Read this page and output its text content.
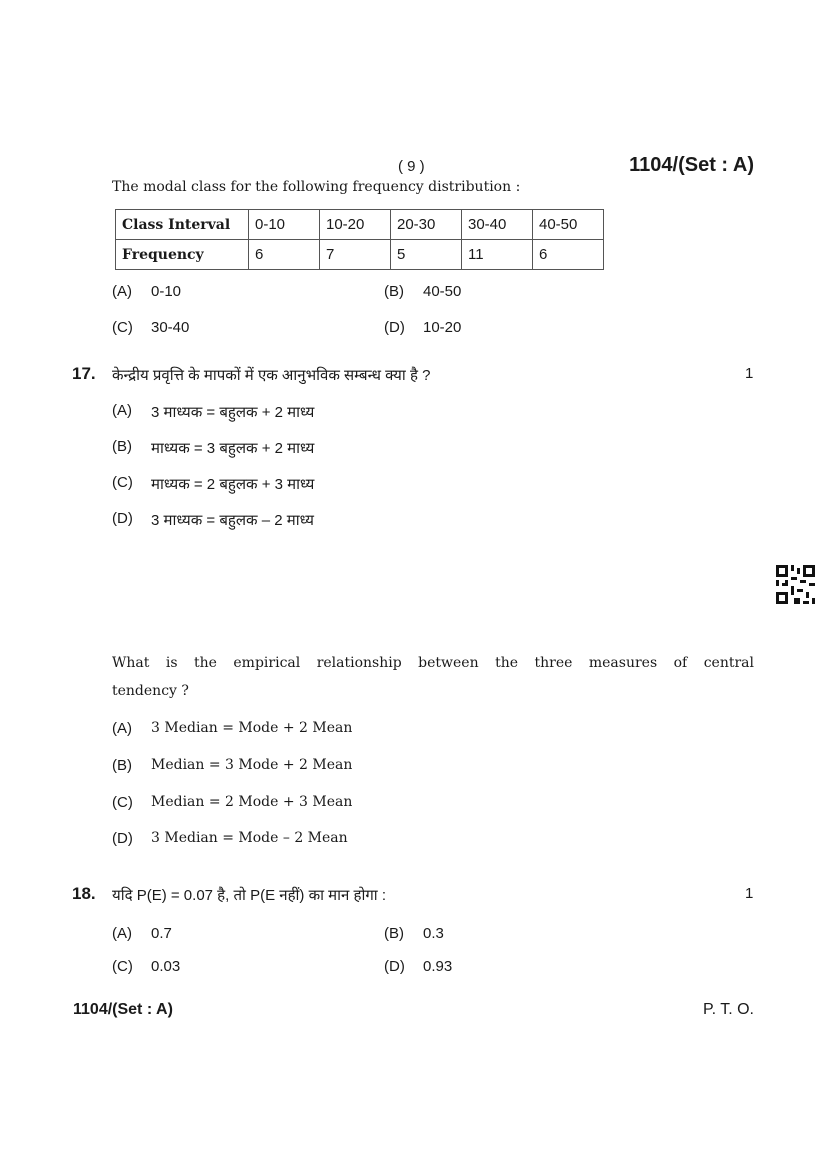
( 9 )	1104/(Set : A)
The modal class for the following frequency distribution :
Class Interval	0-10	10-20	20-30	30-40	40-50
Frequency	6	7	5	11	6
(A) 0-10	(B) 40-50
(C) 30-40	(D) 10-20
17. केन्द्रीय प्रवृत्ति के मापकों में एक आनुभविक सम्बन्ध क्या है ?	1
(A) 3 माध्यक = बहुलक + 2 माध्य
(B) माध्यक = 3 बहुलक + 2 माध्य
(C) माध्यक = 2 बहुलक + 3 माध्य
(D) 3 माध्यक = बहुलक – 2 माध्य
What is the empirical relationship between the three measures of central
tendency ?
(A) 3 Median = Mode + 2 Mean
(B) Median = 3 Mode + 2 Mean
(C) Median = 2 Mode + 3 Mean
(D) 3 Median = Mode – 2 Mean
18. यदि P(E) = 0.07 है, तो P(E नहीं) का मान होगा :	1
(A) 0.7	(B) 0.3
(C) 0.03	(D) 0.93
1104/(Set : A)	P. T. O.
